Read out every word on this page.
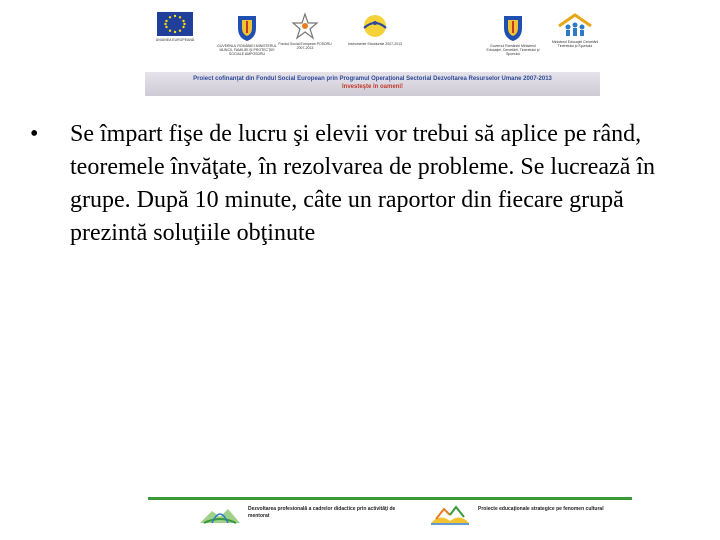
UNIUNEA EUROPEANĂ
GUVERNUL ROMÂNIEI MINISTERUL MUNCII, FAMILIEI ŞI PROTECŢIEI SOCIALE AMPOSDRU
Fondul Social European POSDRU 2007-2013
Instrumente Structurale 2007-2013	Guvernul României Ministerul Educaţiei, Cercetării, Tineretului şi Sportului
Ministerul Educaţiei Cercetării Tineretului şi Sportului
Proiect cofinanţat din Fondul Social European prin Programul Operaţional Sectorial Dezvoltarea Resurselor Umane 2007-2013
Investeşte în oameni!
• Se împart fişe de lucru şi elevii vor trebui să aplice pe rând, teoremele învăţate, în rezolvarea de probleme. Se lucrează în grupe. După 10 minute, câte un raportor din fiecare grupă prezintă soluţiile obţinute
Dezvoltarea profesională a cadrelor didactice prin activităţi de mentorat
Proiecte educaţionale strategice pe fenomen cultural
